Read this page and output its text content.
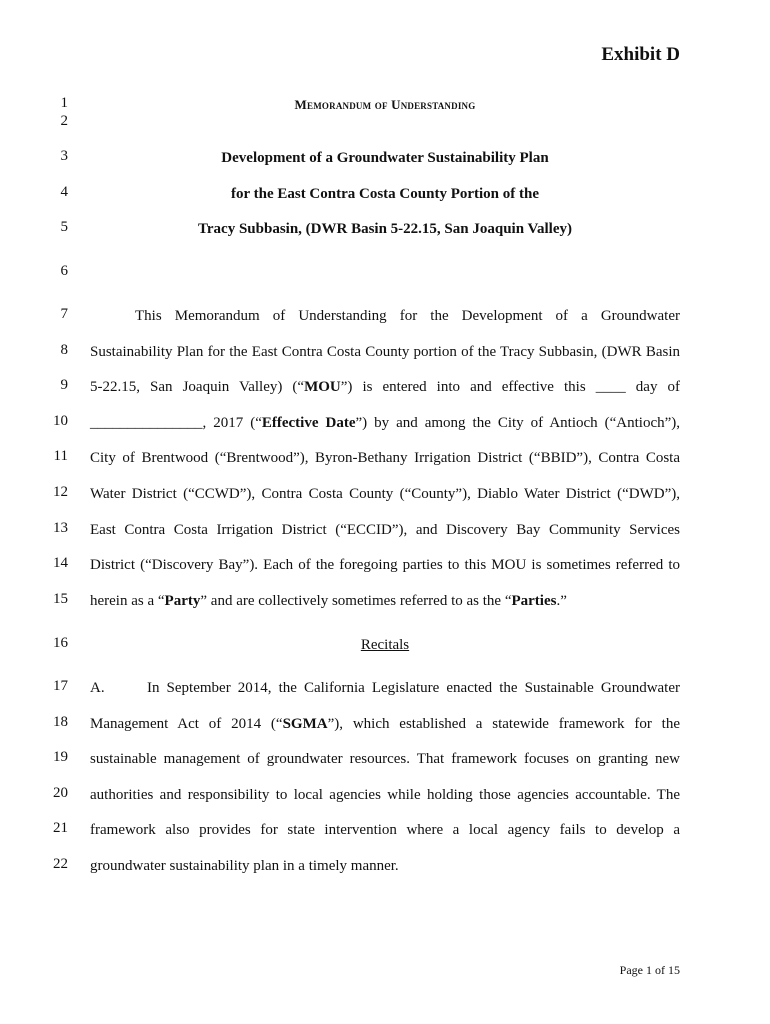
Exhibit D
1
2
3
4
5
6
7
8
9
10
11
12
13
14
15
16
17
18
19
20
21
22
Memorandum of Understanding
Development of a Groundwater Sustainability Plan
for the East Contra Costa County Portion of the
Tracy Subbasin, (DWR Basin 5-22.15, San Joaquin Valley)
This Memorandum of Understanding for the Development of a Groundwater
Sustainability Plan for the East Contra Costa County portion of the Tracy Subbasin, (DWR Basin
5-22.15, San Joaquin Valley) (“MOU”) is entered into and effective this ____ day of
_______________, 2017 (“Effective Date”) by and among the City of Antioch (“Antioch”),
City of Brentwood (“Brentwood”), Byron-Bethany Irrigation District (“BBID”), Contra Costa
Water District (“CCWD”), Contra Costa County (“County”), Diablo Water District (“DWD”),
East Contra Costa Irrigation District (“ECCID”), and Discovery Bay Community Services
District (“Discovery Bay”). Each of the foregoing parties to this MOU is sometimes referred to
herein as a “Party” and are collectively sometimes referred to as the “Parties.”
Recitals
A.      In September 2014, the California Legislature enacted the Sustainable Groundwater
Management Act of 2014 (“SGMA”), which established a statewide framework for the
sustainable management of groundwater resources. That framework focuses on granting new
authorities and responsibility to local agencies while holding those agencies accountable. The
framework also provides for state intervention where a local agency fails to develop a
groundwater sustainability plan in a timely manner.
Page 1 of 15
